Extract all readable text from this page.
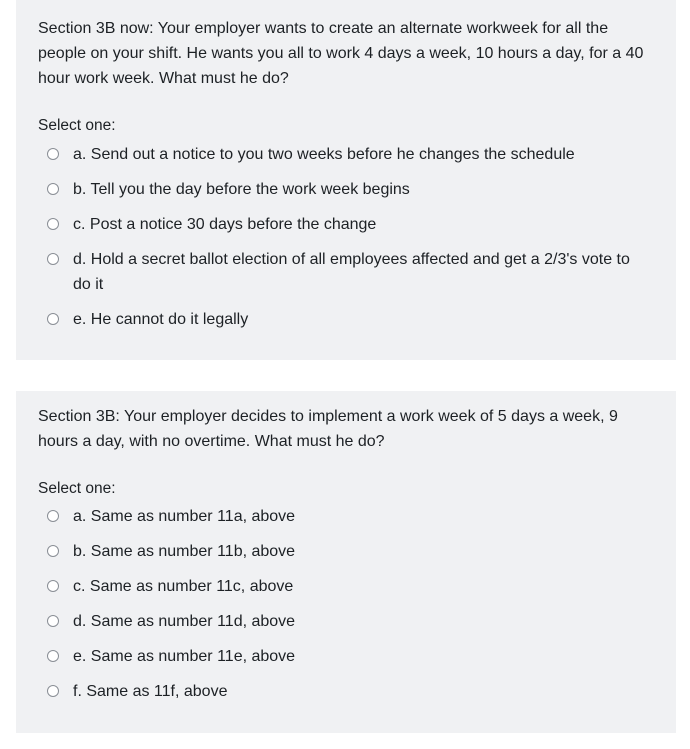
Section 3B now: Your employer wants to create an alternate workweek for all the people on your shift. He wants you all to work 4 days a week, 10 hours a day, for a 40 hour work week. What must he do?

Select one:

a. Send out a notice to you two weeks before he changes the schedule
b. Tell you the day before the work week begins
c. Post a notice 30 days before the change
d. Hold a secret ballot election of all employees affected and get a 2/3's vote to do it
e. He cannot do it legally

Section 3B: Your employer decides to implement a work week of 5 days a week, 9 hours a day, with no overtime. What must he do?

Select one:

a. Same as number 11a, above
b. Same as number 11b, above
c. Same as number 11c, above
d. Same as number 11d, above
e. Same as number 11e, above
f. Same as 11f, above
